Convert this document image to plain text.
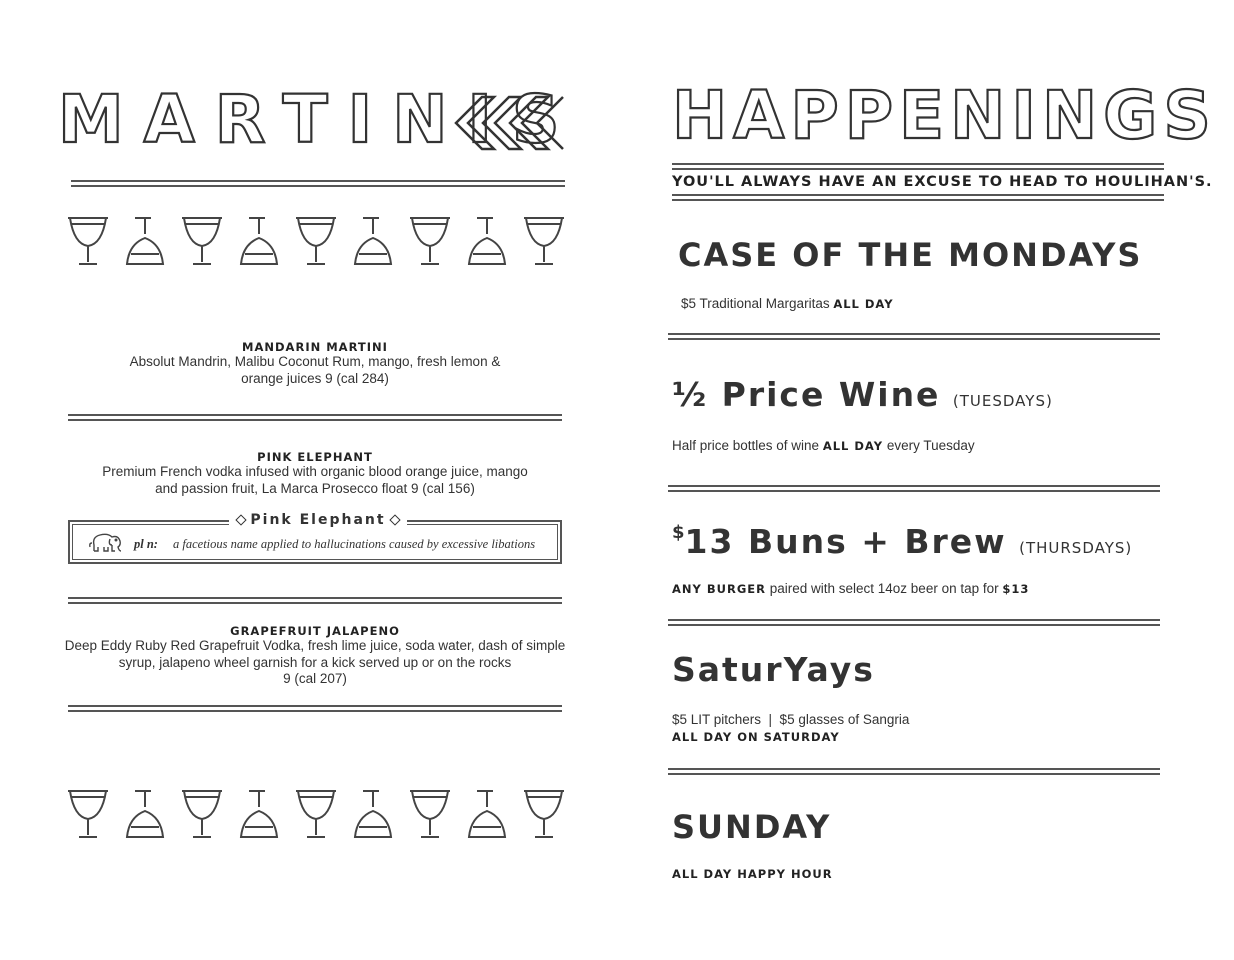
MARTINIS
MANDARIN MARTINI
Absolut Mandrin, Malibu Coconut Rum, mango, fresh lemon &
orange juices 9 (cal 284)
PINK ELEPHANT
Premium French vodka infused with organic blood orange juice, mango
and passion fruit, La Marca Prosecco float 9 (cal 156)
Pink Elephant
pl n: a facetious name applied to hallucinations caused by excessive libations
GRAPEFRUIT JALAPENO
Deep Eddy Ruby Red Grapefruit Vodka, fresh lime juice, soda water, dash of simple
syrup, jalapeno wheel garnish for a kick served up or on the rocks
9 (cal 207)
HAPPENINGS
YOU'LL ALWAYS HAVE AN EXCUSE TO HEAD TO HOULIHAN'S.
CASE OF THE MONDAYS
$5 Traditional Margaritas ALL DAY
½ Price Wine (TUESDAYS)
Half price bottles of wine ALL DAY every Tuesday
$13 Buns + Brew (THURSDAYS)
ANY BURGER paired with select 14oz beer on tap for $13
SaturYays
$5 LIT pitchers  |  $5 glasses of Sangria
ALL DAY ON SATURDAY
SUNDAY
ALL DAY HAPPY HOUR
